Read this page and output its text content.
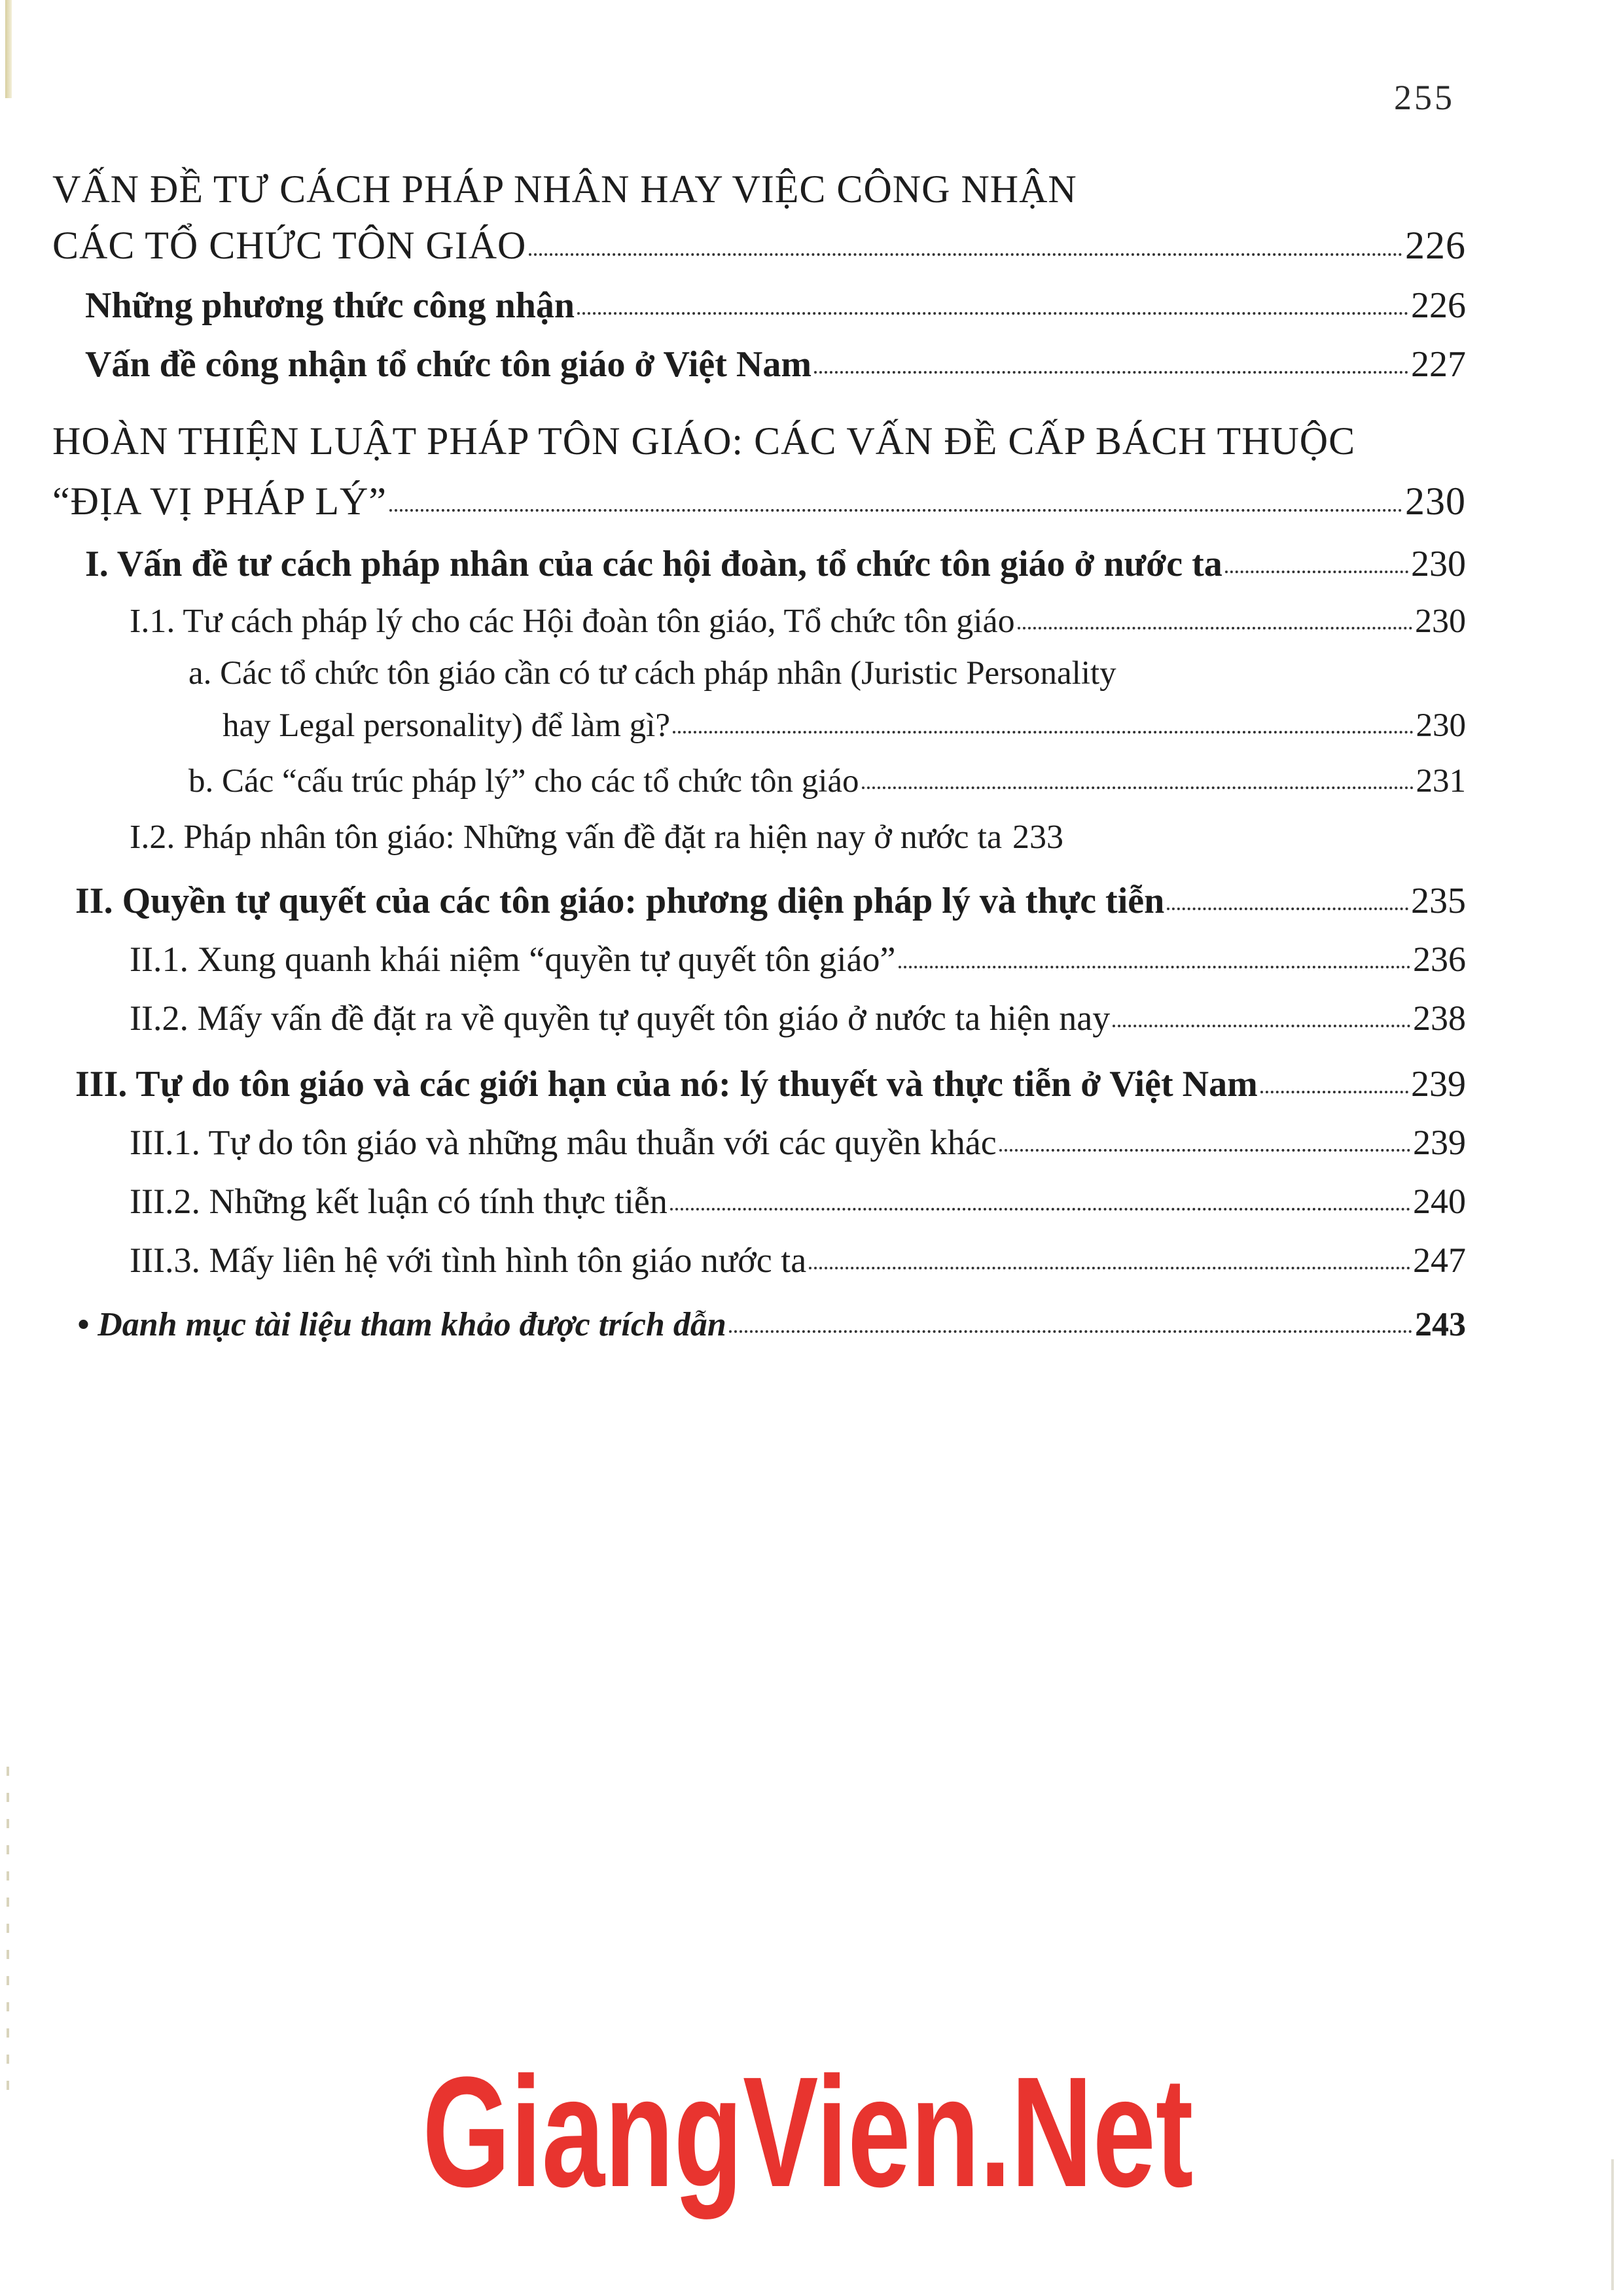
255
VẤN ĐỀ TƯ CÁCH PHÁP NHÂN HAY VIỆC CÔNG NHẬN
CÁC TỔ CHỨC TÔN GIÁO	226
Những phương thức công nhận	226
Vấn đề công nhận tổ chức tôn giáo ở Việt Nam	227
HOÀN THIỆN LUẬT PHÁP TÔN GIÁO: CÁC VẤN ĐỀ CẤP BÁCH THUỘC
“ĐỊA VỊ PHÁP LÝ”	230
I. Vấn đề tư cách pháp nhân của các hội đoàn, tổ chức tôn giáo ở nước ta	230
I.1. Tư cách pháp lý cho các Hội đoàn tôn giáo, Tổ chức tôn giáo	230
a. Các tổ chức tôn giáo cần có tư cách pháp nhân (Juristic Personality
hay Legal personality) để làm gì?	230
b. Các “cấu trúc pháp lý” cho các tổ chức tôn giáo	231
I.2. Pháp nhân tôn giáo: Những vấn đề đặt ra hiện nay ở nước ta 233
II. Quyền tự quyết của các tôn giáo: phương diện pháp lý và thực tiễn	235
II.1. Xung quanh khái niệm “quyền tự quyết tôn giáo”	236
II.2. Mấy vấn đề đặt ra về quyền tự quyết tôn giáo ở nước ta hiện nay	238
III. Tự do tôn giáo và các giới hạn của nó: lý thuyết và thực tiễn ở Việt Nam	239
III.1. Tự do tôn giáo và những mâu thuẫn với các quyền khác	239
III.2. Những kết luận có tính thực tiễn	240
III.3. Mấy liên hệ với tình hình tôn giáo nước ta	247
• Danh mục tài liệu tham khảo được trích dẫn	243
GiangVien.Net
